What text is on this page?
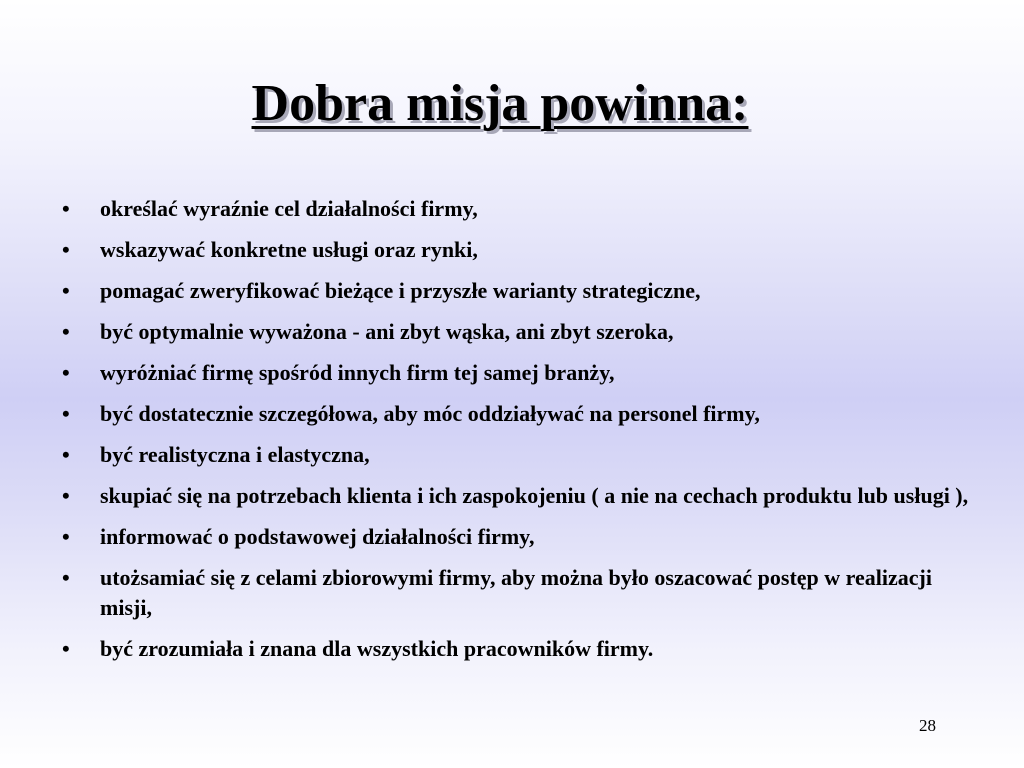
Dobra misja powinna:
•	określać wyraźnie cel działalności firmy,
•	wskazywać konkretne usługi oraz rynki,
•	pomagać zweryfikować bieżące i przyszłe warianty strategiczne,
•	być optymalnie wyważona - ani zbyt wąska, ani zbyt szeroka,
•	wyróżniać firmę spośród innych firm tej samej branży,
•	być dostatecznie szczegółowa, aby móc oddziaływać na personel firmy,
•	być realistyczna i elastyczna,
•	skupiać się na potrzebach klienta i ich zaspokojeniu ( a nie na cechach produktu lub usługi ),
•	informować o podstawowej działalności firmy,
•	utożsamiać się z celami zbiorowymi firmy, aby można było oszacować postęp w realizacji misji,
•	być zrozumiała i znana dla wszystkich pracowników firmy.
28
